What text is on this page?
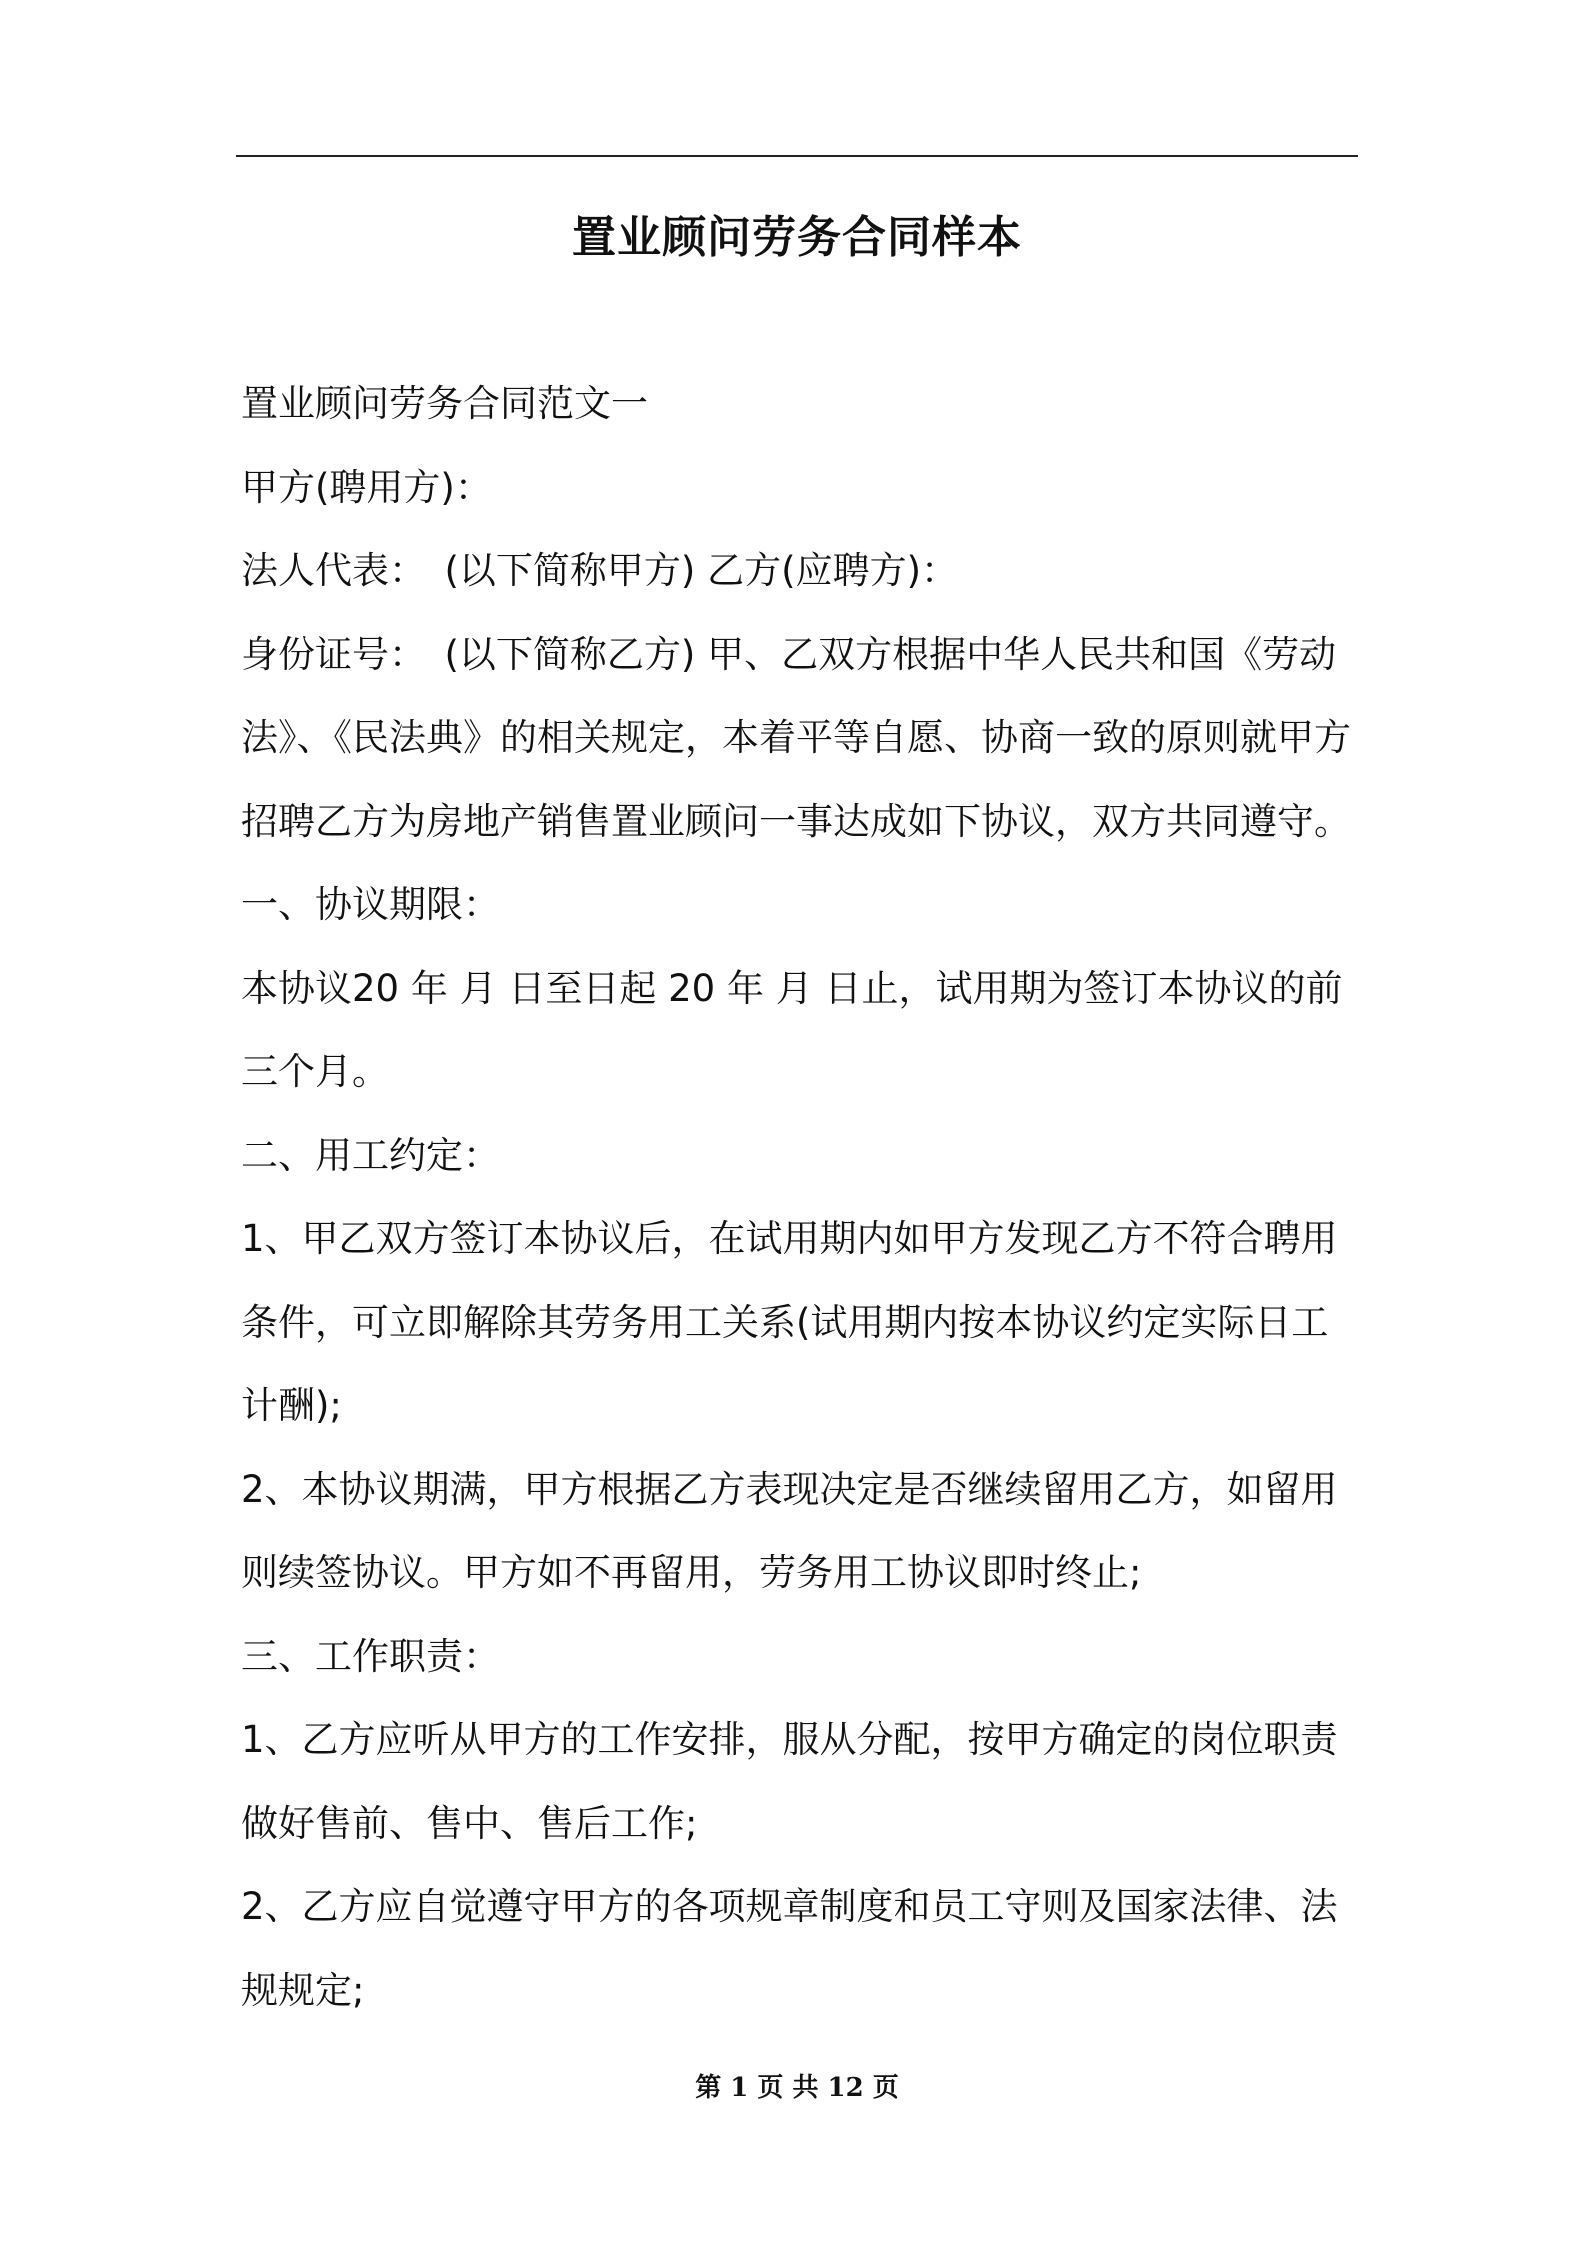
置业顾问劳务合同样本

置业顾问劳务合同范文一

甲方(聘用方)：

法人代表：　(以下简称甲方) 乙方(应聘方)：

身份证号：　(以下简称乙方) 甲、乙双方根据中华人民共和国《劳动法》、《民法典》的相关规定，本着平等自愿、协商一致的原则就甲方招聘乙方为房地产销售置业顾问一事达成如下协议，双方共同遵守。

一、协议期限：

本协议20 年 月 日至日起 20 年 月 日止，试用期为签订本协议的前三个月。

二、用工约定：

1、甲乙双方签订本协议后，在试用期内如甲方发现乙方不符合聘用条件，可立即解除其劳务用工关系(试用期内按本协议约定实际日工计酬);

2、本协议期满，甲方根据乙方表现决定是否继续留用乙方，如留用则续签协议。甲方如不再留用，劳务用工协议即时终止;

三、工作职责：

1、乙方应听从甲方的工作安排，服从分配，按甲方确定的岗位职责做好售前、售中、售后工作;

2、乙方应自觉遵守甲方的各项规章制度和员工守则及国家法律、法规规定;

第 1 页 共 12 页
